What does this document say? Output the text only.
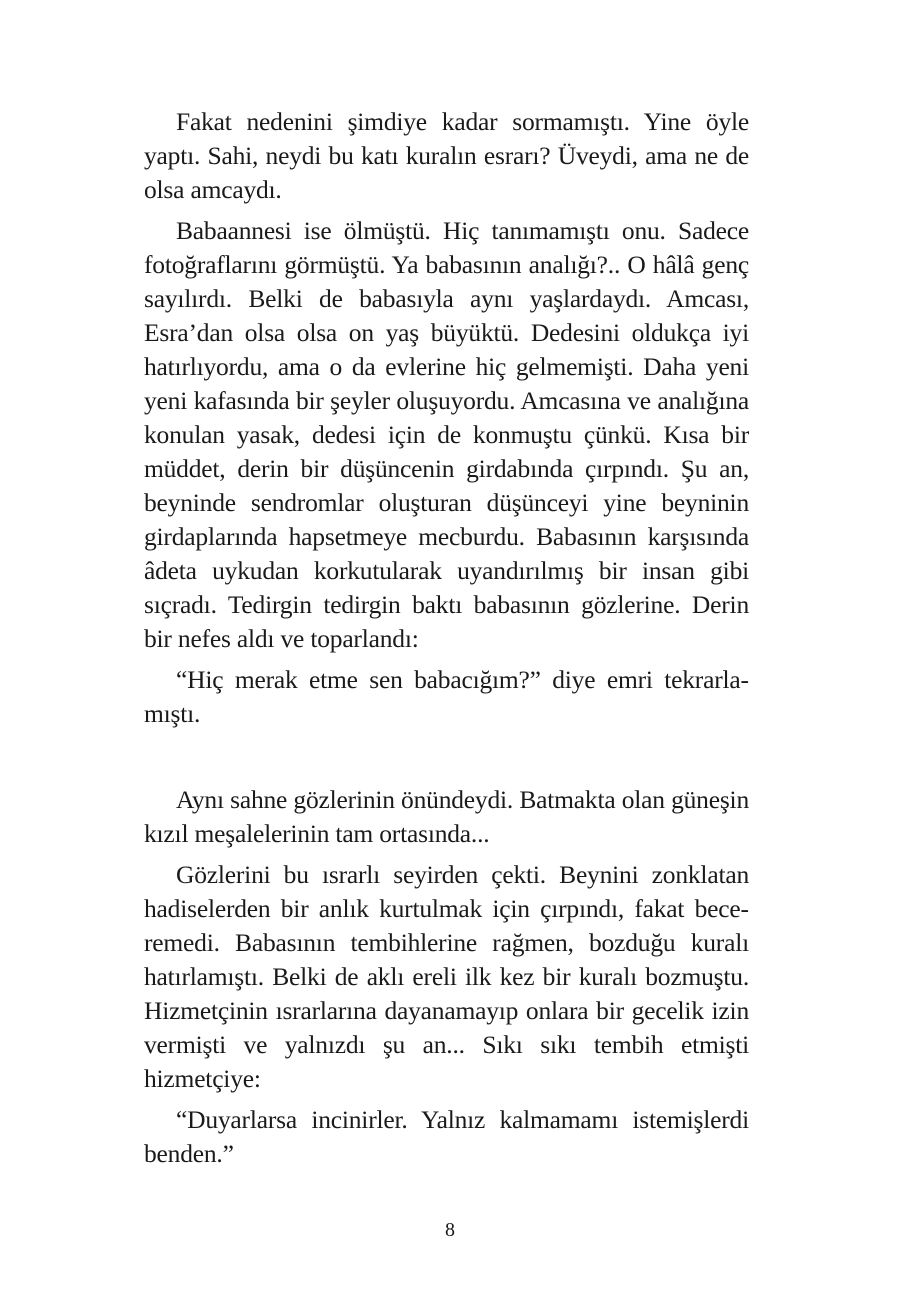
Fakat nedenini şimdiye kadar sormamıştı. Yine öyle yaptı. Sahi, neydi bu katı kuralın esrarı? Üveydi, ama ne de olsa amcaydı.

Babaannesi ise ölmüştü. Hiç tanımamıştı onu. Sadece fotoğraflarını görmüştü. Ya babasının analığı?.. O hâlâ genç sayılırdı. Belki de babasıyla aynı yaşlardaydı. Amcası, Esra’dan olsa olsa on yaş büyüktü. Dedesini oldukça iyi hatırlıyordu, ama o da evlerine hiç gelmemişti. Daha yeni yeni kafasında bir şeyler oluşuyordu. Amcasına ve analığına konulan yasak, dedesi için de konmuştu çünkü. Kısa bir müddet, derin bir düşüncenin girdabında çırpındı. Şu an, beyninde sendromlar oluşturan düşünceyi yine beyninin girdaplarında hapsetmeye mecburdu. Babasının karşısında âdeta uykudan korkutularak uyandırılmış bir insan gibi sıçradı. Tedirgin tedirgin baktı babasının gözlerine. Derin bir nefes aldı ve toparlandı:

“Hiç merak etme sen babacığım?” diye emri tekrarlamıştı.

Aynı sahne gözlerinin önündeydi. Batmakta olan güneşin kızıl meşalelerinin tam ortasında...

Gözlerini bu ısrarlı seyirden çekti. Beynini zonklatan hadiselerden bir anlık kurtulmak için çırpındı, fakat beceremedi. Babasının tembihlerine rağmen, bozduğu kuralı hatırlamıştı. Belki de aklı ereli ilk kez bir kuralı bozmuştu. Hizmetçinin ısrarlarına dayanamayıp onlara bir gecelik izin vermişti ve yalnızdı şu an... Sıkı sıkı tembih etmişti hizmetçiye:

“Duyarlarsa incinirler. Yalnız kalmamamı istemişlerdi benden.”

8
